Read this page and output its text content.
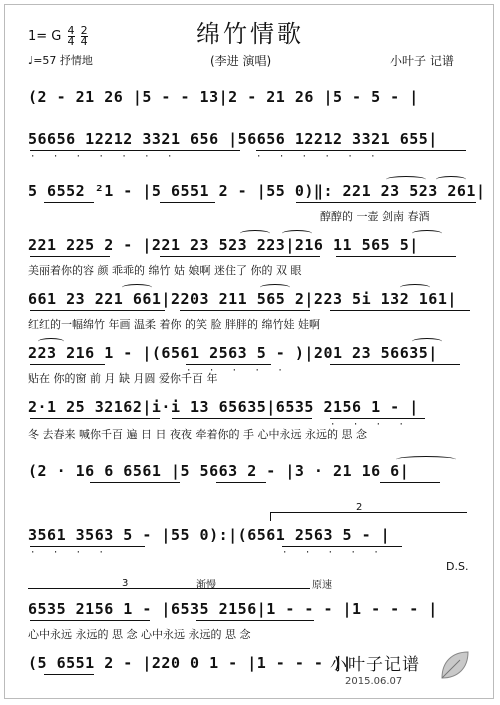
绵竹情歌
1= G $\frac{4}{4}$
$\frac{2}{4}$
♩=57 抒情地	(李进 演唱)	小叶子 记谱
(2 - 21 26 |5 - - 13|2 - 21 26 |5 - 5 - |
56656 12212 3321 656 |56656 12212 3321 655|
· · · · · · ·	· · · · · ·
5 6552 ²1 - |5 6551 2 - |55 0)‖: 221 23 523 261|
醇醇的 一壶 剑南 春酒
221 225 2 - |221 23 523 223|216 11 565 5|
美丽着你的容 颜 乖乖的 绵竹 姑 娘啊 迷住了 你的 双 眼
661 23 221 661|2203 211 565 2|223 5i 132 161|
红红的一幅绵竹 年画 温柔 着你 的笑 脸 胖胖的 绵竹娃 娃啊
223 216 1 - |(6561 2563 5 - )|201 23 56635|
· · · · ·
贴在 你的窗 前 月 缺 月圆 爱你千百 年
2·1 25 32162|i·i 13 65635|6535 2156 1 - |
· · · ·
冬 去春来 喊你千百 遍 日 日 夜夜 牵着你的 手 心中永远 永远的 思 念
(2 · 16 6 6561 |5 5663 2 - |3 · 21 16 6|
2
3561 3563 5 - |55 0):|(6561 2563 5 - |
· · · ·	· · · · ·
D.S.
渐慢	原速
3
6535 2156 1 - |6535 2156|1 - - - |1 - - - |
心中永远 永远的 思 念 心中永远 永远的 思 念
(5 6551 2 - |220 0 1 - |1 - - - )|
小叶子记谱
2015.06.07
